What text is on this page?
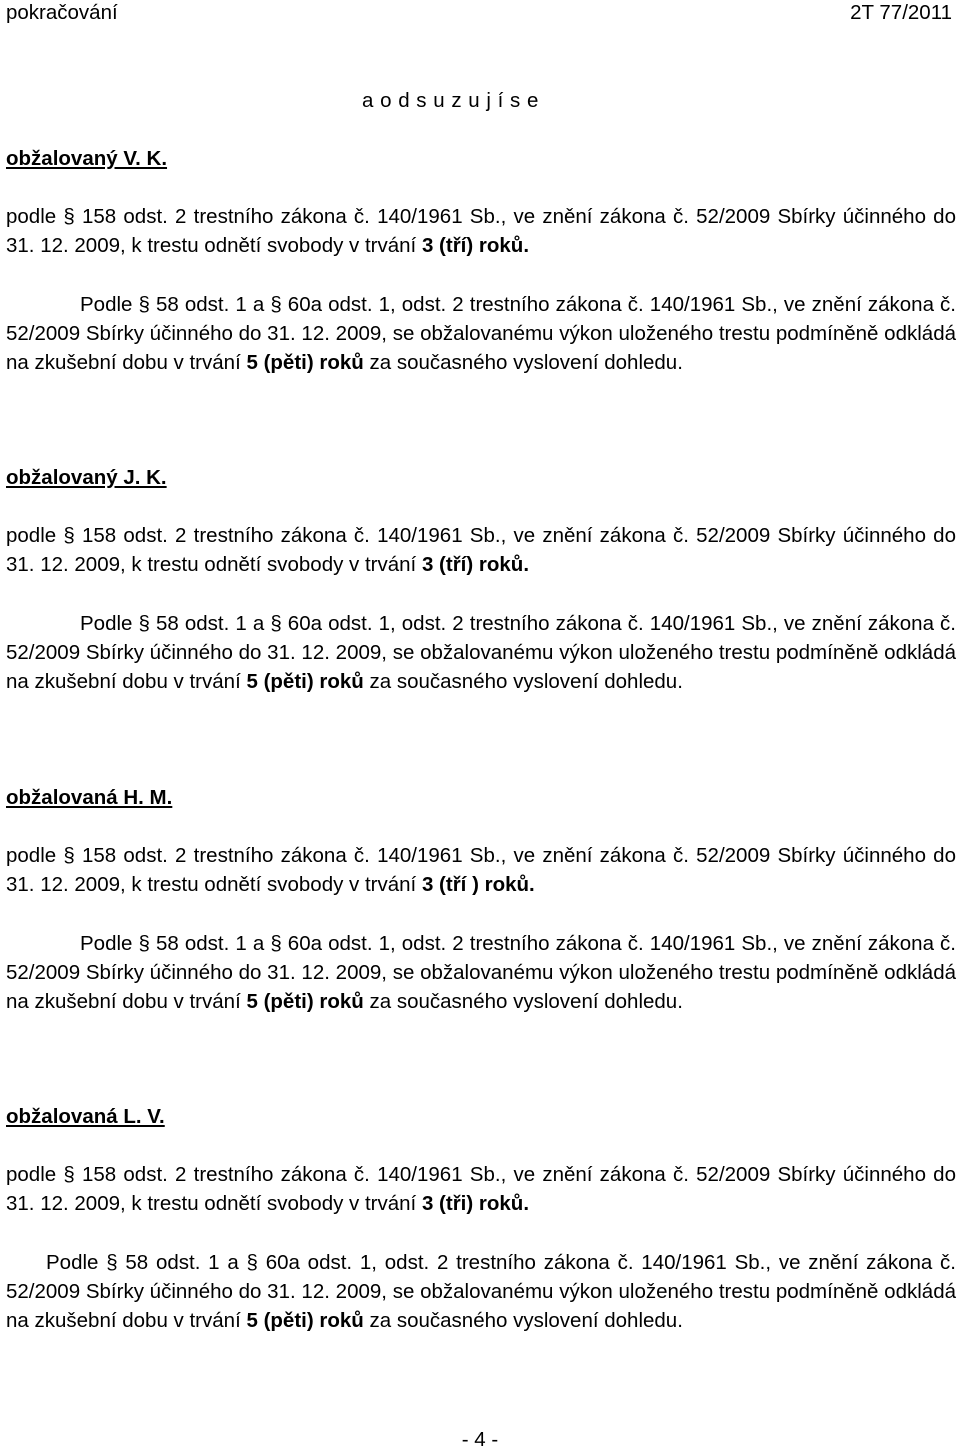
pokračování	2T 77/2011
a o d s u z u j í s e

obžalovaný V. K.

podle § 158 odst. 2 trestního zákona č. 140/1961 Sb., ve znění zákona č. 52/2009 Sbírky účinného do 31. 12. 2009, k trestu odnětí svobody v trvání 3 (tří) roků.

Podle § 58 odst. 1 a § 60a odst. 1, odst. 2 trestního zákona č. 140/1961 Sb., ve znění zákona č. 52/2009 Sbírky účinného do 31. 12. 2009, se obžalovanému výkon uloženého trestu podmíněně odkládá na zkušební dobu v trvání 5 (pěti) roků za současného vyslovení dohledu.

obžalovaný J. K.

podle § 158 odst. 2 trestního zákona č. 140/1961 Sb., ve znění zákona č. 52/2009 Sbírky účinného do 31. 12. 2009, k trestu odnětí svobody v trvání 3 (tří) roků.

Podle § 58 odst. 1 a § 60a odst. 1, odst. 2 trestního zákona č. 140/1961 Sb., ve znění zákona č. 52/2009 Sbírky účinného do 31. 12. 2009, se obžalovanému výkon uloženého trestu podmíněně odkládá na zkušební dobu v trvání 5 (pěti) roků za současného vyslovení dohledu.

obžalovaná H. M.

podle § 158 odst. 2 trestního zákona č. 140/1961 Sb., ve znění zákona č. 52/2009 Sbírky účinného do 31. 12. 2009, k trestu odnětí svobody v trvání 3 (tří ) roků.

Podle § 58 odst. 1 a § 60a odst. 1, odst. 2 trestního zákona č. 140/1961 Sb., ve znění zákona č. 52/2009 Sbírky účinného do 31. 12. 2009, se obžalovanému výkon uloženého trestu podmíněně odkládá na zkušební dobu v trvání 5 (pěti) roků za současného vyslovení dohledu.

obžalovaná L. V.

podle § 158 odst. 2 trestního zákona č. 140/1961 Sb., ve znění zákona č. 52/2009 Sbírky účinného do 31. 12. 2009, k trestu odnětí svobody v trvání 3 (tři) roků.

Podle § 58 odst. 1 a § 60a odst. 1, odst. 2 trestního zákona č. 140/1961 Sb., ve znění zákona č. 52/2009 Sbírky účinného do 31. 12. 2009, se obžalovanému výkon uloženého trestu podmíněně odkládá na zkušební dobu v trvání 5 (pěti) roků za současného vyslovení dohledu.

- 4 -
